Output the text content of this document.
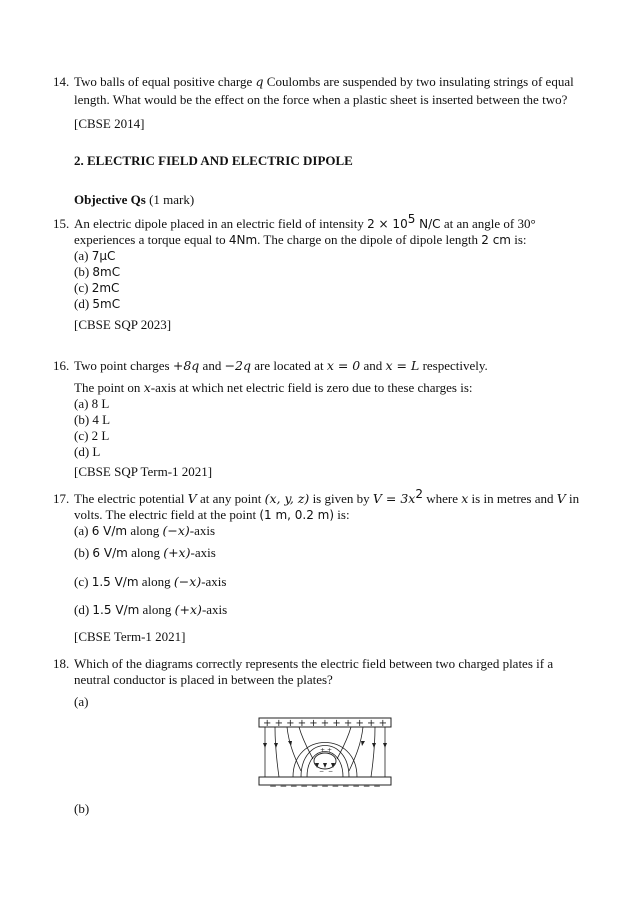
14. Two balls of equal positive charge q Coulombs are suspended by two insulating strings of equal
length. What would be the effect on the force when a plastic sheet is inserted between the two?
[CBSE 2014]
2. ELECTRIC FIELD AND ELECTRIC DIPOLE
Objective Qs (1 mark)
15. An electric dipole placed in an electric field of intensity $2 \times 10^5$ N/C at an angle of 30°
experiences a torque equal to 4Nm. The charge on the dipole of dipole length 2 cm is:
(a) 7μC
(b) 8mC
(c) 2mC
(d) 5mC
[CBSE SQP 2023]
16. Two point charges +8q and −2q are located at x = 0 and x = L respectively.
The point on x-axis at which net electric field is zero due to these charges is:
(a) 8 L
(b) 4 L
(c) 2 L
(d) L
[CBSE SQP Term-1 2021]
17. The electric potential V at any point (x, y, z) is given by $V = 3x^2$ where x is in metres and V in
volts. The electric field at the point (1 m, 0.2 m) is:
(a) 6 V/m along (−x)-axis
(b) 6 V/m along (+x)-axis
(c) 1.5 V/m along (−x)-axis
(d) 1.5 V/m along (+x)-axis
[CBSE Term-1 2021]
18. Which of the diagrams correctly represents the electric field between two charged plates if a
neutral conductor is placed in between the plates?
(a)
+ + + + + + + + + + +
− − − − − − − − − − −
+ +
− −
(b)
